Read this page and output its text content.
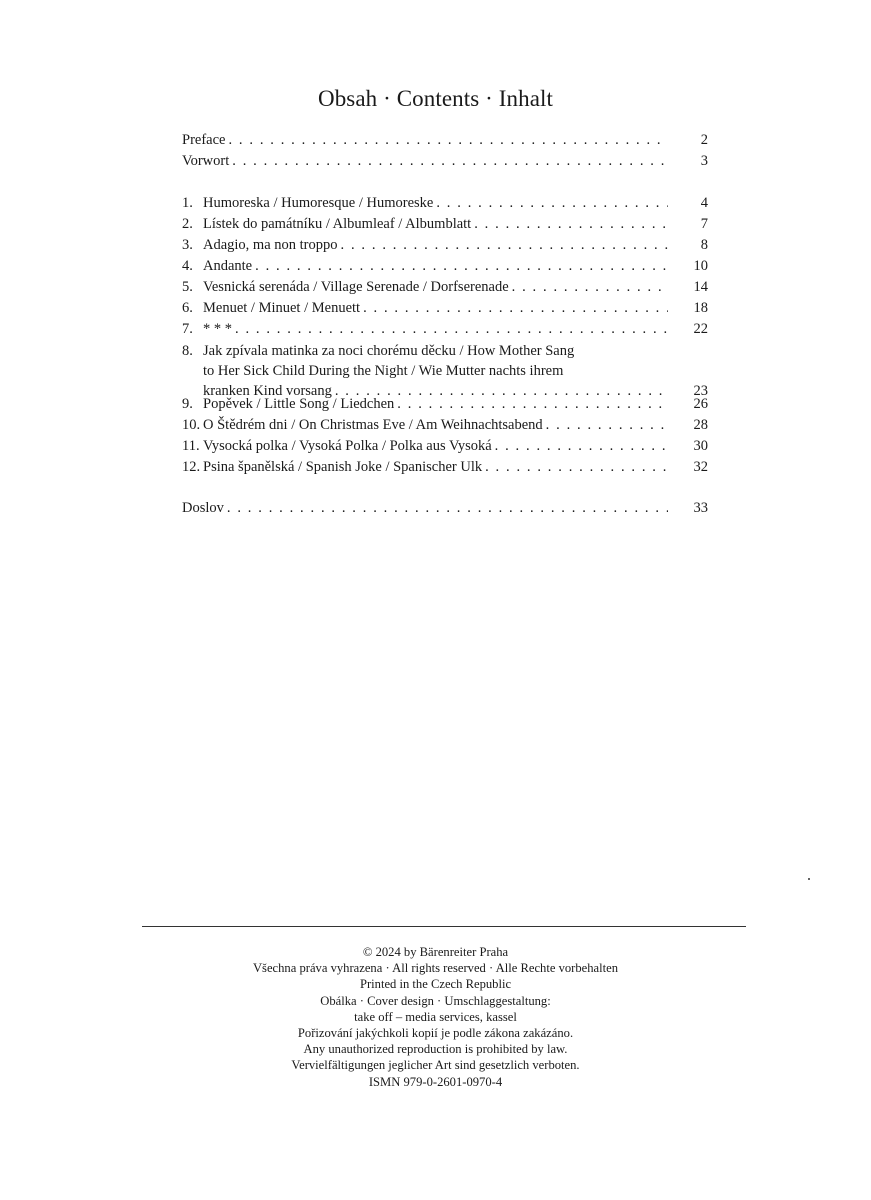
Obsah · Contents · Inhalt
Preface . . .	2
Vorwort . . .	3
1. Humoreska / Humoresque / Humoreske . . .	4
2. Lístek do památníku / Albumleaf / Albumblatt . . .	7
3. Adagio, ma non troppo . . .	8
4. Andante . . .	10
5. Vesnická serenáda / Village Serenade / Dorfserenade . . .	14
6. Menuet / Minuet / Menuett . . .	18
7. * * * . . .	22
8. Jak zpívala matinka za noci chorému děcku / How Mother Sang
to Her Sick Child During the Night / Wie Mutter nachts ihrem
kranken Kind vorsang . . .	23
9. Popěvek / Little Song / Liedchen . . .	26
10. O Štědrém dni / On Christmas Eve / Am Weihnachtsabend . . .	28
11. Vysocká polka / Vysoká Polka / Polka aus Vysoká . . .	30
12. Psina španělská / Spanish Joke / Spanischer Ulk . . .	32
Doslov . . .	33
© 2024 by Bärenreiter Praha
Všechna práva vyhrazena · All rights reserved · Alle Rechte vorbehalten
Printed in the Czech Republic
Obálka · Cover design · Umschlaggestaltung:
take off – media services, kassel
Pořizování jakýchkoli kopií je podle zákona zakázáno.
Any unauthorized reproduction is prohibited by law.
Vervielfältigungen jeglicher Art sind gesetzlich verboten.
ISMN 979-0-2601-0970-4
